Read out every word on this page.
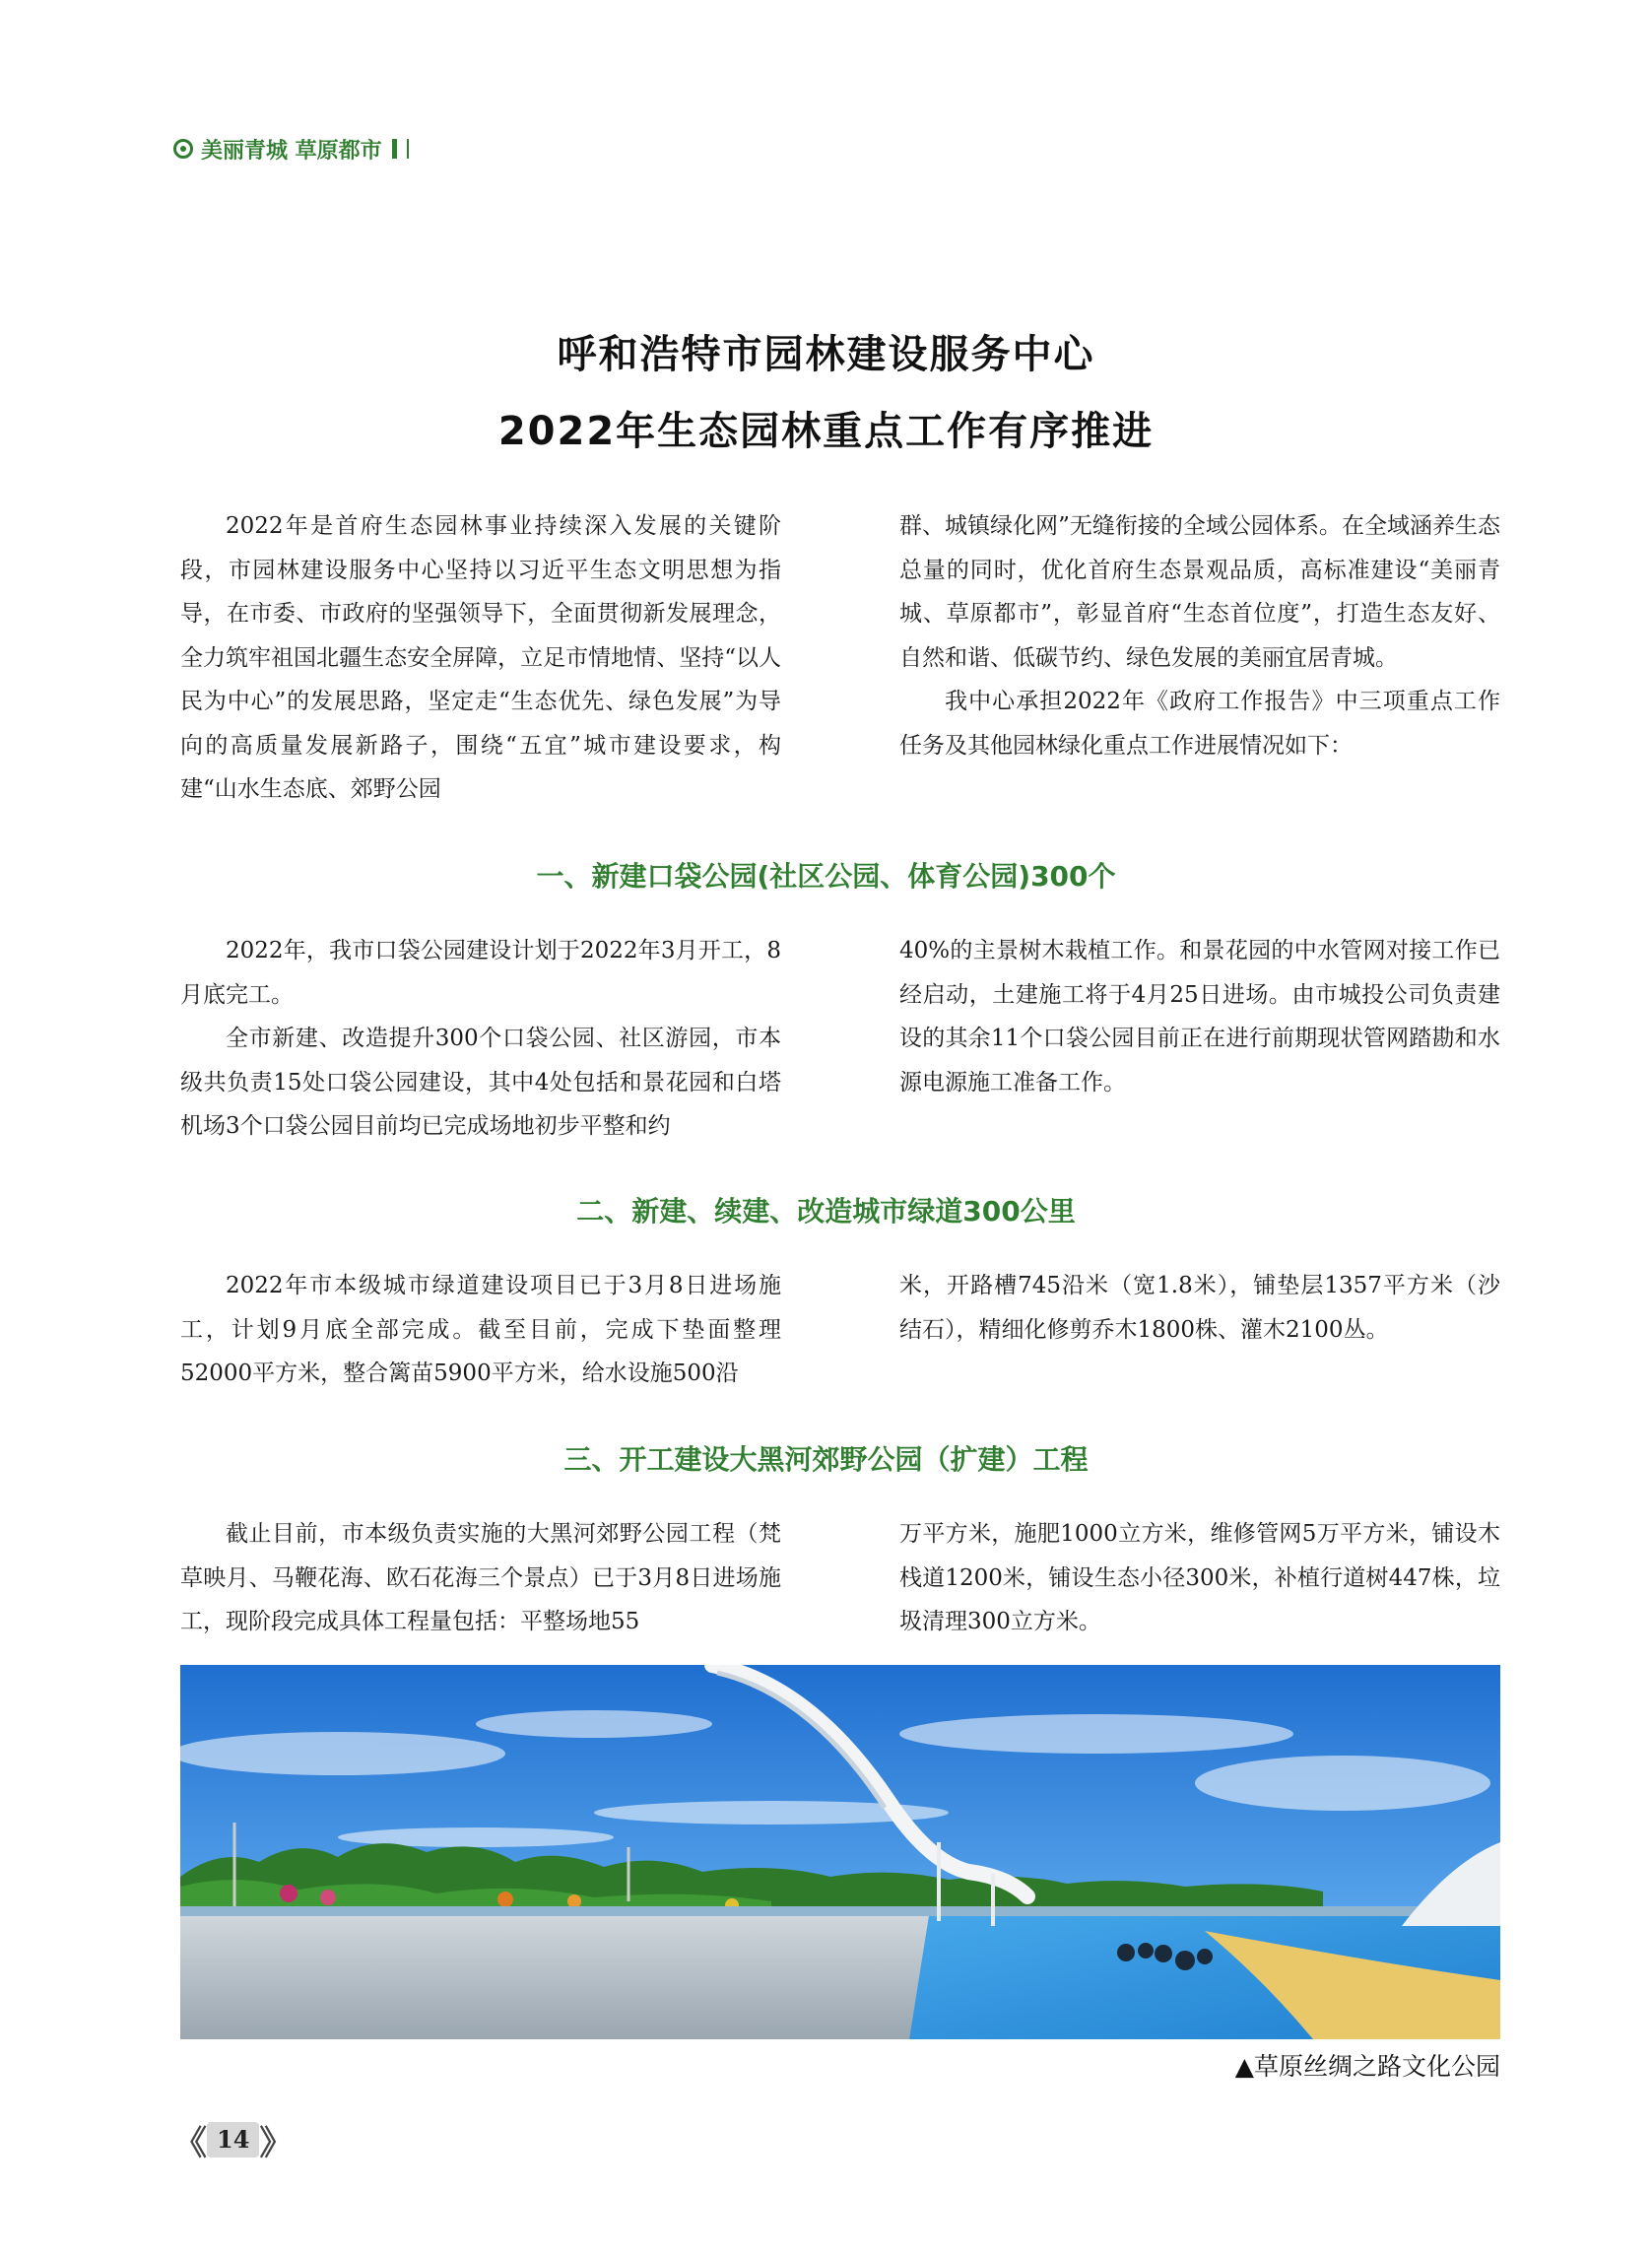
美丽青城 草原都市
呼和浩特市园林建设服务中心
2022年生态园林重点工作有序推进

2022年是首府生态园林事业持续深入发展的关键阶段，市园林建设服务中心坚持以习近平生态文明思想为指导，在市委、市政府的坚强领导下，全面贯彻新发展理念，全力筑牢祖国北疆生态安全屏障，立足市情地情、坚持“以人民为中心”的发展思路，坚定走“生态优先、绿色发展”为导向的高质量发展新路子，围绕“五宜”城市建设要求，构建“山水生态底、郊野公园

群、城镇绿化网”无缝衔接的全域公园体系。在全域涵养生态总量的同时，优化首府生态景观品质，高标准建设“美丽青城、草原都市”，彰显首府“生态首位度”，打造生态友好、自然和谐、低碳节约、绿色发展的美丽宜居青城。

我中心承担2022年《政府工作报告》中三项重点工作任务及其他园林绿化重点工作进展情况如下：

一、新建口袋公园(社区公园、体育公园)300个

2022年，我市口袋公园建设计划于2022年3月开工，8月底完工。

全市新建、改造提升300个口袋公园、社区游园，市本级共负责15处口袋公园建设，其中4处包括和景花园和白塔机场3个口袋公园目前均已完成场地初步平整和约

40%的主景树木栽植工作。和景花园的中水管网对接工作已经启动，土建施工将于4月25日进场。由市城投公司负责建设的其余11个口袋公园目前正在进行前期现状管网踏勘和水源电源施工准备工作。

二、新建、续建、改造城市绿道300公里

2022年市本级城市绿道建设项目已于3月8日进场施工，计划9月底全部完成。截至目前，完成下垫面整理52000平方米，整合篱苗5900平方米，给水设施500沿

米，开路槽745沿米（宽1.8米），铺垫层1357平方米（沙结石），精细化修剪乔木1800株、灌木2100丛。

三、开工建设大黑河郊野公园（扩建）工程

截止目前，市本级负责实施的大黑河郊野公园工程（梵草映月、马鞭花海、欧石花海三个景点）已于3月8日进场施工，现阶段完成具体工程量包括：平整场地55

万平方米，施肥1000立方米，维修管网5万平方米，铺设木栈道1200米，铺设生态小径300米，补植行道树447株，垃圾清理300立方米。

▲草原丝绸之路文化公园
《 14 》
